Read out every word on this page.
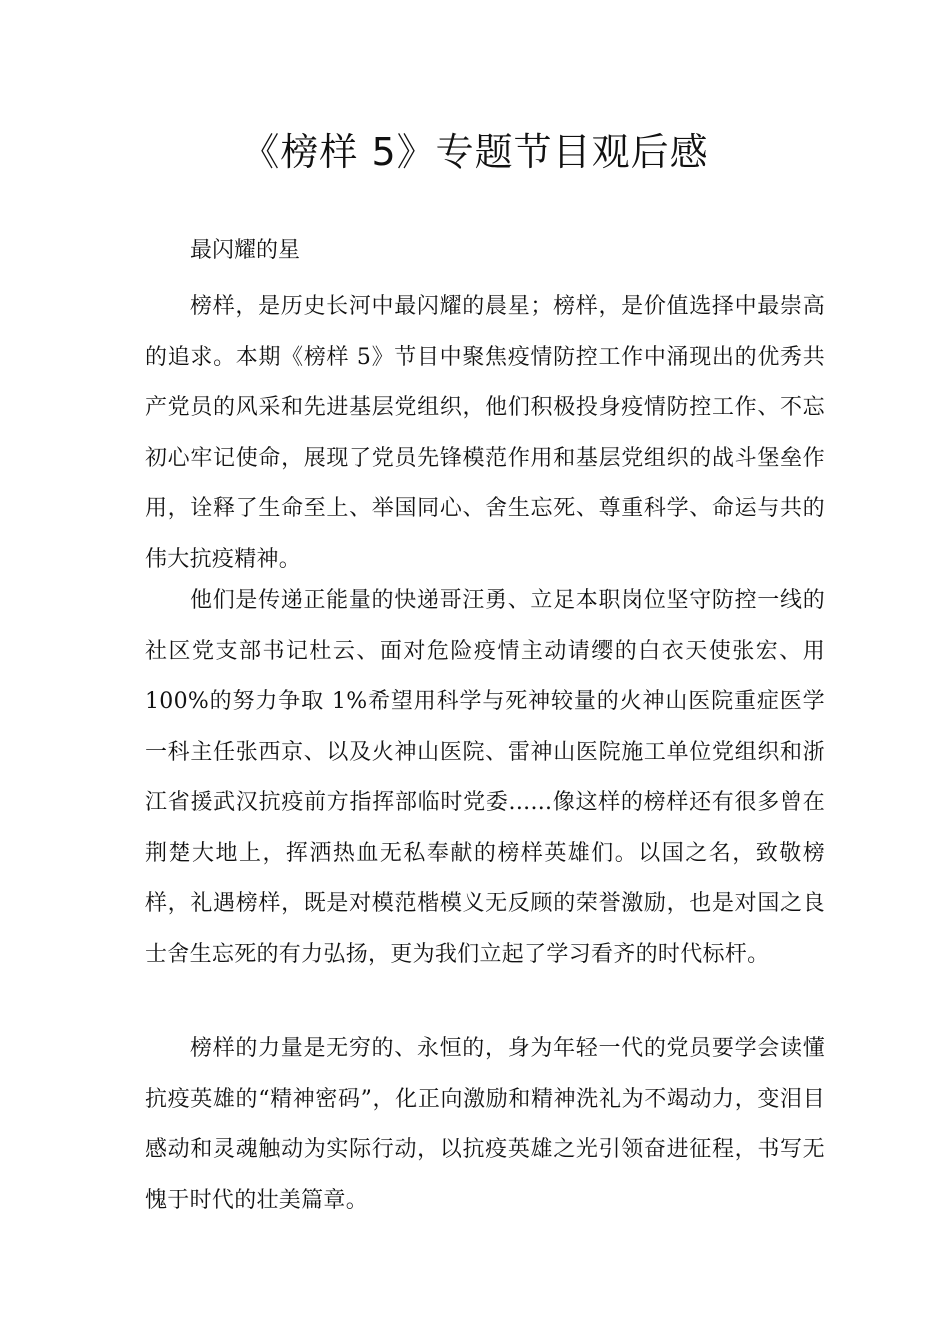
《榜样 5》专题节目观后感

最闪耀的星

榜样，是历史长河中最闪耀的晨星；榜样，是价值选择中最崇高的追求。本期《榜样 5》节目中聚焦疫情防控工作中涌现出的优秀共产党员的风采和先进基层党组织，他们积极投身疫情防控工作、不忘初心牢记使命，展现了党员先锋模范作用和基层党组织的战斗堡垒作用，诠释了生命至上、举国同心、舍生忘死、尊重科学、命运与共的伟大抗疫精神。

他们是传递正能量的快递哥汪勇、立足本职岗位坚守防控一线的社区党支部书记杜云、面对危险疫情主动请缨的白衣天使张宏、用 100%的努力争取 1%希望用科学与死神较量的火神山医院重症医学一科主任张西京、以及火神山医院、雷神山医院施工单位党组织和浙江省援武汉抗疫前方指挥部临时党委......像这样的榜样还有很多曾在荆楚大地上，挥洒热血无私奉献的榜样英雄们。以国之名，致敬榜样，礼遇榜样，既是对模范楷模义无反顾的荣誉激励，也是对国之良士舍生忘死的有力弘扬，更为我们立起了学习看齐的时代标杆。

榜样的力量是无穷的、永恒的，身为年轻一代的党员要学会读懂抗疫英雄的“精神密码”，化正向激励和精神洗礼为不竭动力，变泪目感动和灵魂触动为实际行动，以抗疫英雄之光引领奋进征程，书写无愧于时代的壮美篇章。
